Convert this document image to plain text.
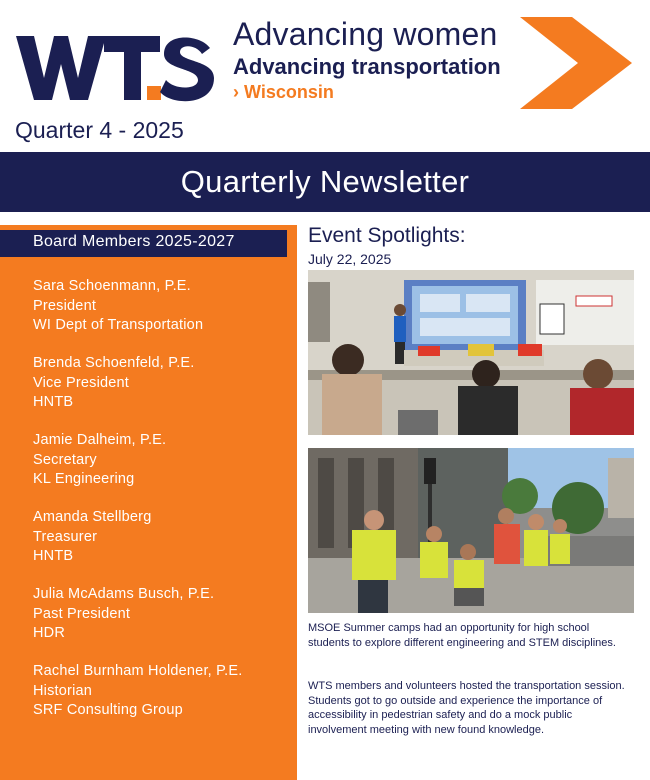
Advancing women
Advancing transportation
› Wisconsin
Quarter 4 - 2025
Quarterly Newsletter
Board Members 2025-2027
Sara Schoenmann, P.E.
President
WI Dept of Transportation
Brenda Schoenfeld, P.E.
Vice President
HNTB
Jamie Dalheim, P.E.
Secretary
KL Engineering
Amanda Stellberg
Treasurer
HNTB
Julia McAdams Busch, P.E.
Past President
HDR
Rachel Burnham Holdener, P.E.
Historian
SRF Consulting Group
Event Spotlights:
July 22, 2025

MSOE Summer camps had an opportunity for high school students to explore different engineering and STEM disciplines.

WTS members and volunteers hosted the transportation session. Students got to go outside and experience the importance of accessibility in pedestrian safety and do a mock public involvement meeting with new found knowledge.
